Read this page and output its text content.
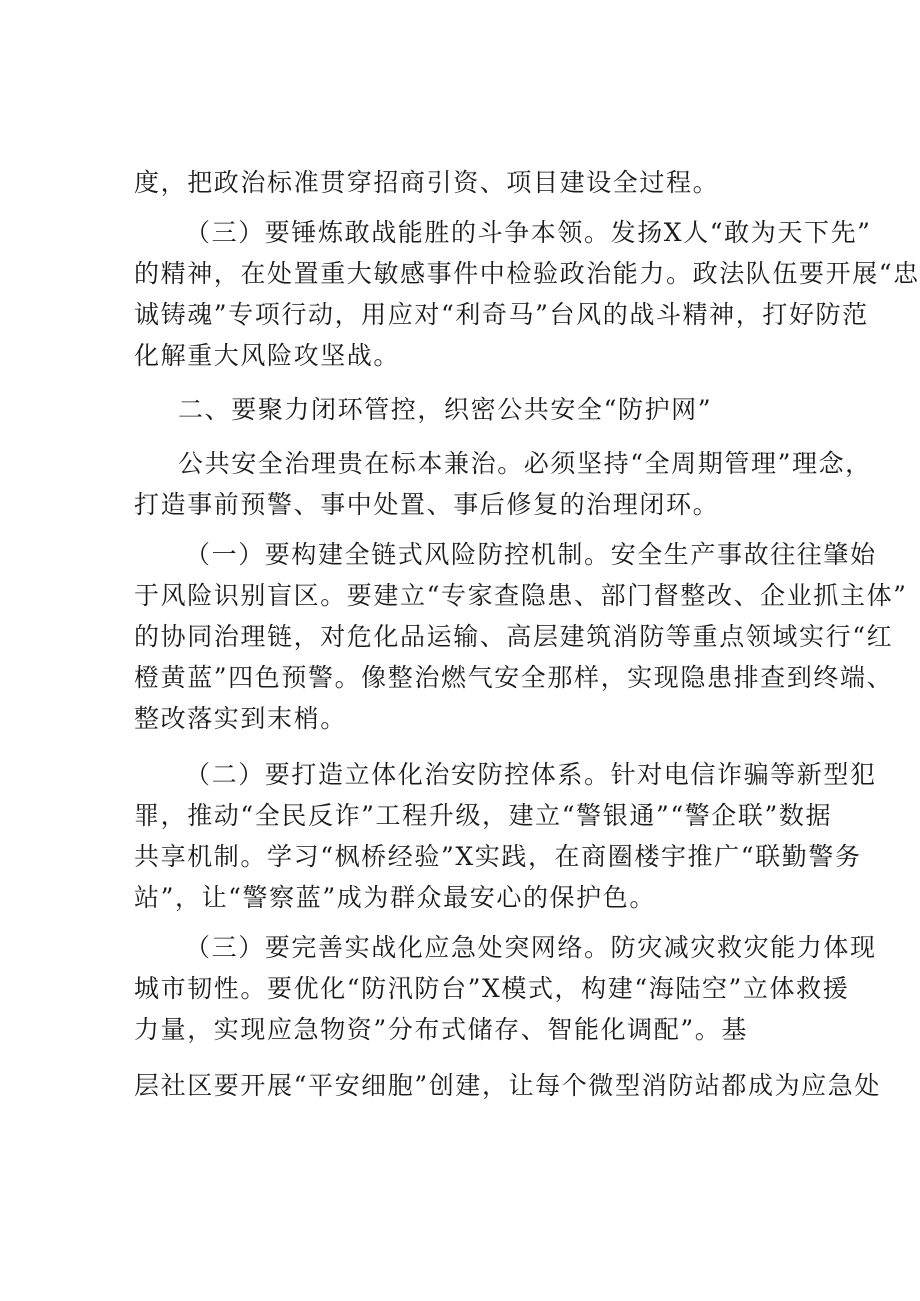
度，把政治标准贯穿招商引资、项目建设全过程。
（三）要锤炼敢战能胜的斗争本领。发扬X人“敢为天下先”
的精神，在处置重大敏感事件中检验政治能力。政法队伍要开展“忠
诚铸魂”专项行动，用应对“利奇马”台风的战斗精神，打好防范
化解重大风险攻坚战。
二、要聚力闭环管控，织密公共安全“防护网”
公共安全治理贵在标本兼治。必须坚持“全周期管理”理念，
打造事前预警、事中处置、事后修复的治理闭环。
（一）要构建全链式风险防控机制。安全生产事故往往肇始
于风险识别盲区。要建立“专家查隐患、部门督整改、企业抓主体”
的协同治理链，对危化品运输、高层建筑消防等重点领域实行“红
橙黄蓝”四色预警。像整治燃气安全那样，实现隐患排查到终端、
整改落实到末梢。
（二）要打造立体化治安防控体系。针对电信诈骗等新型犯
罪，推动“全民反诈”工程升级，建立“警银通”“警企联”数据
共享机制。学习“枫桥经验”X实践，在商圈楼宇推广“联勤警务
站”，让“警察蓝”成为群众最安心的保护色。
（三）要完善实战化应急处突网络。防灾减灾救灾能力体现
城市韧性。要优化“防汛防台”X模式，构建“海陆空”立体救援
力量，实现应急物资”分布式储存、智能化调配”。基
层社区要开展“平安细胞”创建，让每个微型消防站都成为应急处
